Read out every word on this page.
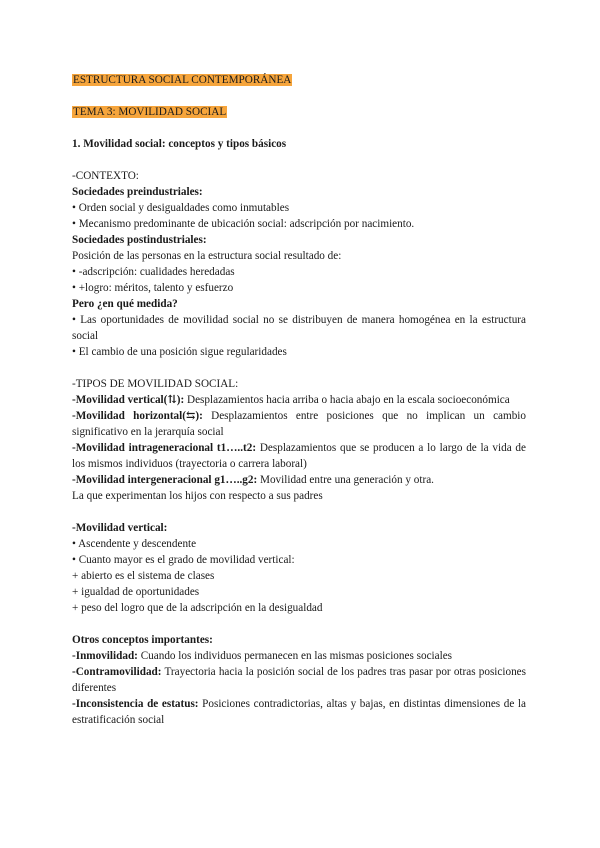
ESTRUCTURA SOCIAL CONTEMPORÁNEA
TEMA 3: MOVILIDAD SOCIAL
1. Movilidad social: conceptos y tipos básicos
-CONTEXTO:
Sociedades preindustriales:
• Orden social y desigualdades como inmutables
• Mecanismo predominante de ubicación social: adscripción por nacimiento.
Sociedades postindustriales:
Posición de las personas en la estructura social resultado de:
• -adscripción: cualidades heredadas
• +logro: méritos, talento y esfuerzo
Pero ¿en qué medida?
• Las oportunidades de movilidad social no se distribuyen de manera homogénea en la estructura social
• El cambio de una posición sigue regularidades
-TIPOS DE MOVILIDAD SOCIAL:
-Movilidad vertical(⇅): Desplazamientos hacia arriba o hacia abajo en la escala socioeconómica
-Movilidad horizontal(⇆): Desplazamientos entre posiciones que no implican un cambio significativo en la jerarquía social
-Movilidad intrageneracional t1…..t2: Desplazamientos que se producen a lo largo de la vida de los mismos individuos (trayectoria o carrera laboral)
-Movilidad intergeneracional g1…..g2: Movilidad entre una generación y otra.
La que experimentan los hijos con respecto a sus padres
-Movilidad vertical:
• Ascendente y descendente
• Cuanto mayor es el grado de movilidad vertical:
+ abierto es el sistema de clases
+ igualdad de oportunidades
+ peso del logro que de la adscripción en la desigualdad
Otros conceptos importantes:
-Inmovilidad: Cuando los individuos permanecen en las mismas posiciones sociales
-Contramovilidad: Trayectoria hacia la posición social de los padres tras pasar por otras posiciones diferentes
-Inconsistencia de estatus: Posiciones contradictorias, altas y bajas, en distintas dimensiones de la estratificación social
